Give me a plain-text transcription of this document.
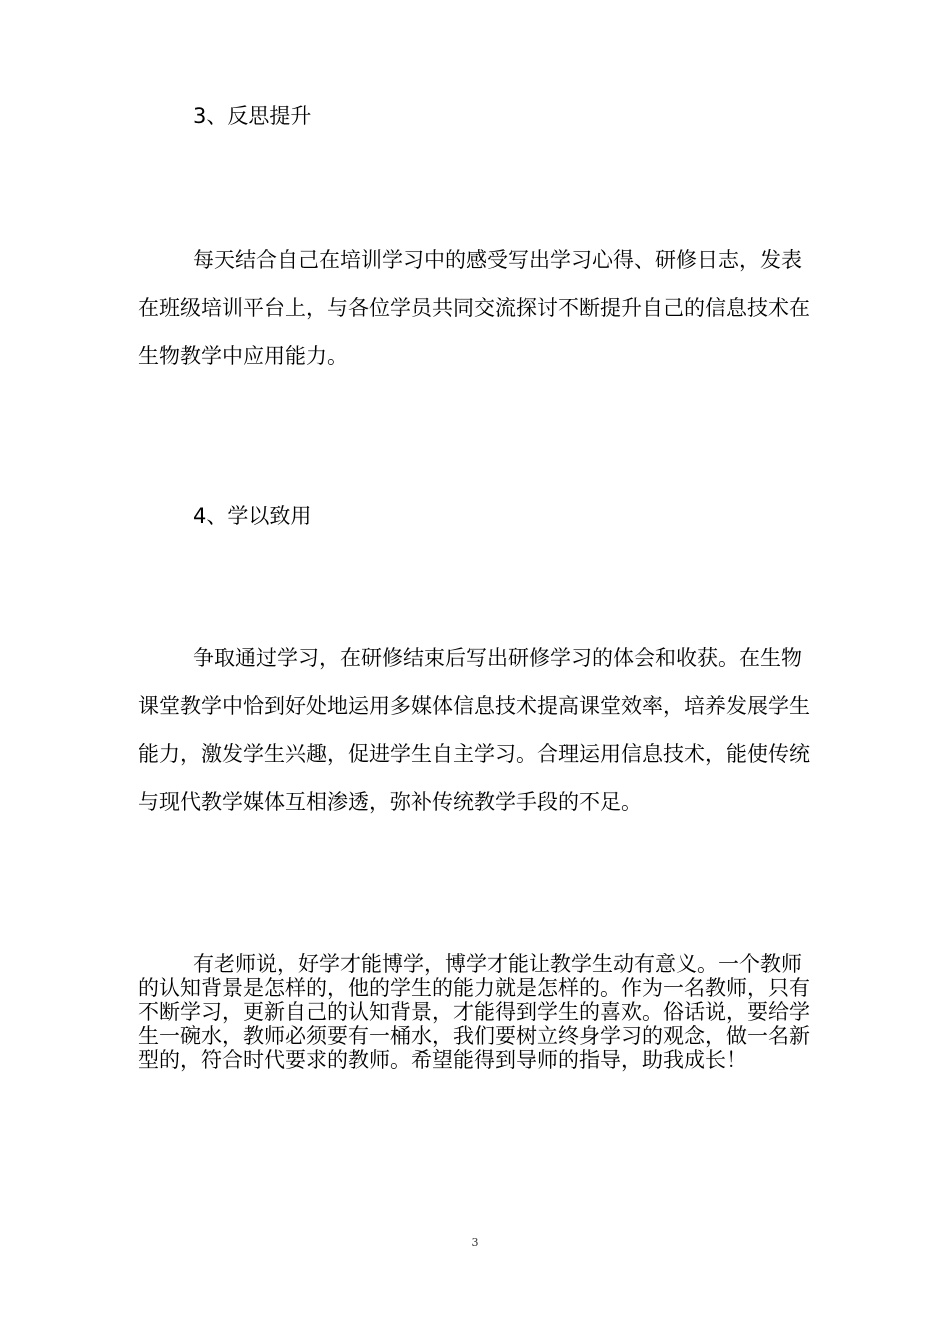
3、反思提升

每天结合自己在培训学习中的感受写出学习心得、研修日志，发表在班级培训平台上，与各位学员共同交流探讨不断提升自己的信息技术在生物教学中应用能力。

4、学以致用

争取通过学习，在研修结束后写出研修学习的体会和收获。在生物课堂教学中恰到好处地运用多媒体信息技术提高课堂效率，培养发展学生能力，激发学生兴趣，促进学生自主学习。合理运用信息技术，能使传统与现代教学媒体互相渗透，弥补传统教学手段的不足。

有老师说，好学才能博学，博学才能让教学生动有意义。一个教师的认知背景是怎样的，他的学生的能力就是怎样的。作为一名教师，只有不断学习，更新自己的认知背景，才能得到学生的喜欢。俗话说，要给学生一碗水，教师必须要有一桶水，我们要树立终身学习的观念，做一名新型的，符合时代要求的教师。希望能得到导师的指导，助我成长！

3
